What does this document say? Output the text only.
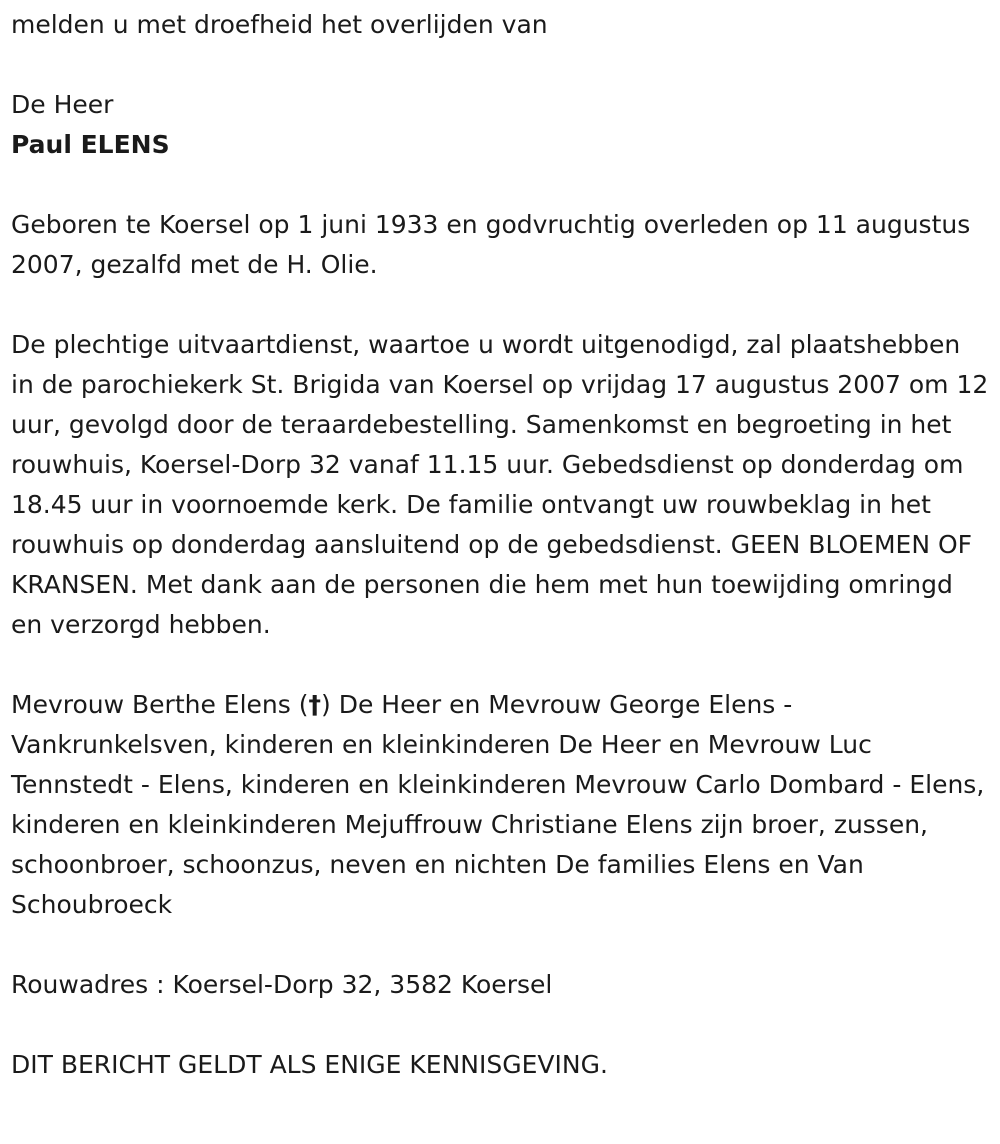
melden u met droefheid het overlijden van

De Heer

Paul ELENS

Geboren te Koersel op 1 juni 1933 en godvruchtig overleden op 11 augustus 2007, gezalfd met de H. Olie.

De plechtige uitvaartdienst, waartoe u wordt uitgenodigd, zal plaatshebben in de parochiekerk St. Brigida van Koersel op vrijdag 17 augustus 2007 om 12 uur, gevolgd door de teraardebestelling. Samenkomst en begroeting in het rouwhuis, Koersel-Dorp 32 vanaf 11.15 uur. Gebedsdienst op donderdag om 18.45 uur in voornoemde kerk. De familie ontvangt uw rouwbeklag in het rouwhuis op donderdag aansluitend op de gebedsdienst. GEEN BLOEMEN OF KRANSEN. Met dank aan de personen die hem met hun toewijding omringd en verzorgd hebben.

Mevrouw Berthe Elens (†) De Heer en Mevrouw George Elens - Vankrunkelsven, kinderen en kleinkinderen De Heer en Mevrouw Luc Tennstedt - Elens, kinderen en kleinkinderen Mevrouw Carlo Dombard - Elens, kinderen en kleinkinderen Mejuffrouw Christiane Elens zijn broer, zussen, schoonbroer, schoonzus, neven en nichten De families Elens en Van Schoubroeck

Rouwadres : Koersel-Dorp 32, 3582 Koersel

DIT BERICHT GELDT ALS ENIGE KENNISGEVING.
